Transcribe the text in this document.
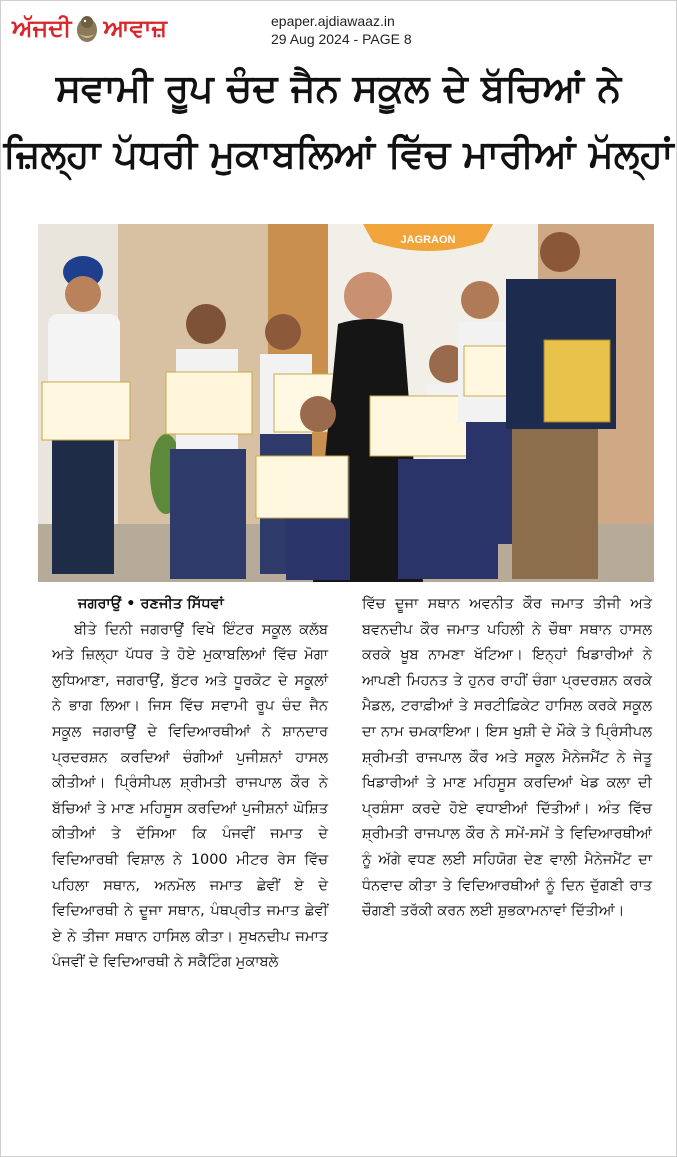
ਅੱਜਦੀ ਆਵਾਜ਼	epaper.ajdiawaaz.in
29 Aug 2024 - PAGE 8
ਸਵਾਮੀ ਰੂਪ ਚੰਦ ਜੈਨ ਸਕੂਲ ਦੇ ਬੱਚਿਆਂ ਨੇ
ਜ਼ਿਲ੍ਹਾ ਪੱਧਰੀ ਮੁਕਾਬਲਿਆਂ ਵਿੱਚ ਮਾਰੀਆਂ ਮੱਲ੍ਹਾਂ
JAGRAON

ਜਗਰਾਉਂ • ਰਣਜੀਤ ਸਿੱਧਵਾਂ

ਬੀਤੇ ਦਿਨੀ ਜਗਰਾਉਂ ਵਿਖੇ ਇੰਟਰ ਸਕੂਲ ਕਲੱਬ ਅਤੇ ਜ਼ਿਲ੍ਹਾ ਪੱਧਰ ਤੇ ਹੋਏ ਮੁਕਾਬਲਿਆਂ ਵਿੱਚ ਮੋਗਾ ਲੁਧਿਆਣਾ, ਜਗਰਾਉਂ, ਬੁੱਟਰ ਅਤੇ ਧੂਰਕੋਟ ਦੇ ਸਕੂਲਾਂ ਨੇ ਭਾਗ ਲਿਆ। ਜਿਸ ਵਿੱਚ ਸਵਾਮੀ ਰੂਪ ਚੰਦ ਜੈਨ ਸਕੂਲ ਜਗਰਾਉਂ ਦੇ ਵਿਦਿਆਰਥੀਆਂ ਨੇ ਸ਼ਾਨਦਾਰ ਪ੍ਰਦਰਸ਼ਨ ਕਰਦਿਆਂ ਚੰਗੀਆਂ ਪੁਜੀਸ਼ਨਾਂ ਹਾਸਲ ਕੀਤੀਆਂ। ਪ੍ਰਿੰਸੀਪਲ ਸ਼੍ਰੀਮਤੀ ਰਾਜਪਾਲ ਕੌਰ ਨੇ ਬੱਚਿਆਂ ਤੇ ਮਾਣ ਮਹਿਸੂਸ ਕਰਦਿਆਂ ਪੁਜੀਸ਼ਨਾਂ ਘੋਸ਼ਿਤ ਕੀਤੀਆਂ ਤੇ ਦੱਸਿਆ ਕਿ ਪੰਜਵੀਂ ਜਮਾਤ ਦੇ ਵਿਦਿਆਰਥੀ ਵਿਸ਼ਾਲ ਨੇ 1000 ਮੀਟਰ ਰੇਸ ਵਿੱਚ ਪਹਿਲਾ ਸਥਾਨ, ਅਨਮੋਲ ਜਮਾਤ ਛੇਵੀਂ ਏ ਦੇ ਵਿਦਿਆਰਥੀ ਨੇ ਦੂਜਾ ਸਥਾਨ, ਪੰਥਪ੍ਰੀਤ ਜਮਾਤ ਛੇਵੀਂ ਏ ਨੇ ਤੀਜਾ ਸਥਾਨ ਹਾਸਿਲ ਕੀਤਾ। ਸੁਖਨਦੀਪ ਜਮਾਤ ਪੰਜਵੀਂ ਦੇ ਵਿਦਿਆਰਥੀ ਨੇ ਸਕੈਟਿੰਗ ਮੁਕਾਬਲੇ

ਵਿੱਚ ਦੂਜਾ ਸਥਾਨ ਅਵਨੀਤ ਕੌਰ ਜਮਾਤ ਤੀਜੀ ਅਤੇ ਬਵਨਦੀਪ ਕੌਰ ਜਮਾਤ ਪਹਿਲੀ ਨੇ ਚੌਥਾ ਸਥਾਨ ਹਾਸਲ ਕਰਕੇ ਖੂਬ ਨਾਮਣਾ ਖੱਟਿਆ। ਇਨ੍ਹਾਂ ਖਿਡਾਰੀਆਂ ਨੇ ਆਪਣੀ ਮਿਹਨਤ ਤੇ ਹੁਨਰ ਰਾਹੀਂ ਚੰਗਾ ਪ੍ਰਦਰਸ਼ਨ ਕਰਕੇ ਮੈਡਲ, ਟਰਾਫ਼ੀਆਂ ਤੇ ਸਰਟੀਫ਼ਿਕੇਟ ਹਾਸਿਲ ਕਰਕੇ ਸਕੂਲ ਦਾ ਨਾਮ ਚਮਕਾਇਆ। ਇਸ ਖੁਸ਼ੀ ਦੇ ਮੌਕੇ ਤੇ ਪ੍ਰਿੰਸੀਪਲ ਸ਼੍ਰੀਮਤੀ ਰਾਜਪਾਲ ਕੌਰ ਅਤੇ ਸਕੂਲ ਮੈਨੇਜਮੈਂਟ ਨੇ ਜੇਤੂ ਖਿਡਾਰੀਆਂ ਤੇ ਮਾਣ ਮਹਿਸੂਸ ਕਰਦਿਆਂ ਖੇਡ ਕਲਾ ਦੀ ਪ੍ਰਸ਼ੰਸਾ ਕਰਦੇ ਹੋਏ ਵਧਾਈਆਂ ਦਿੱਤੀਆਂ। ਅੰਤ ਵਿੱਚ ਸ਼੍ਰੀਮਤੀ ਰਾਜਪਾਲ ਕੌਰ ਨੇ ਸਮੇਂ-ਸਮੇਂ ਤੇ ਵਿਦਿਆਰਥੀਆਂ ਨੂੰ ਅੱਗੇ ਵਧਣ ਲਈ ਸਹਿਯੋਗ ਦੇਣ ਵਾਲੀ ਮੈਨੇਜਮੈਂਟ ਦਾ ਧੰਨਵਾਦ ਕੀਤਾ ਤੇ ਵਿਦਿਆਰਥੀਆਂ ਨੂੰ ਦਿਨ ਦੁੱਗਣੀ ਰਾਤ ਚੌਗਣੀ ਤਰੱਕੀ ਕਰਨ ਲਈ ਸ਼ੁਭਕਾਮਨਾਵਾਂ ਦਿੱਤੀਆਂ।
